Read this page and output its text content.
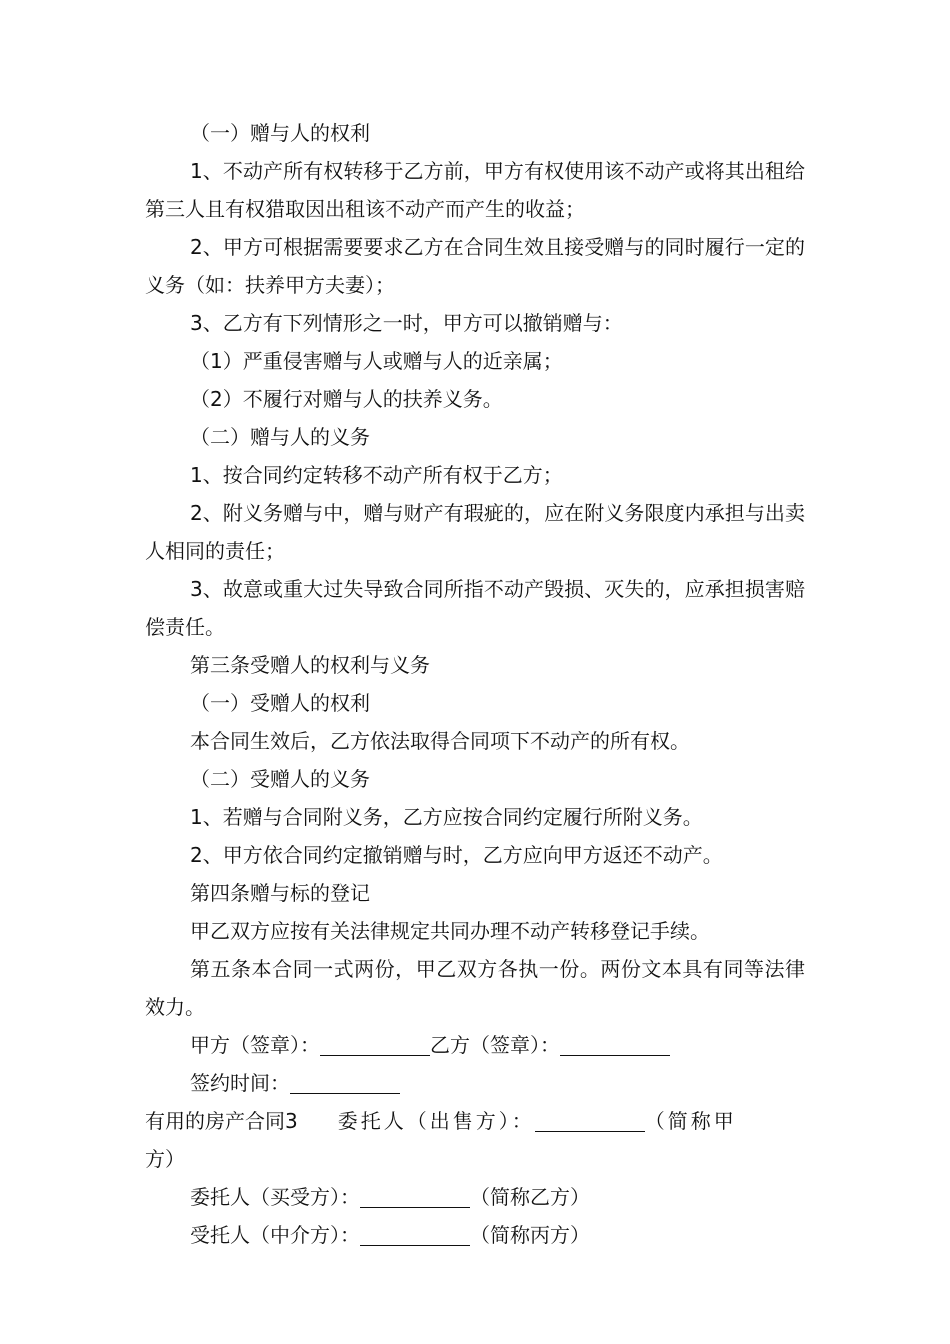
（一）赠与人的权利

1、不动产所有权转移于乙方前，甲方有权使用该不动产或将其出租给第三人且有权猎取因出租该不动产而产生的收益；

2、甲方可根据需要要求乙方在合同生效且接受赠与的同时履行一定的义务（如：扶养甲方夫妻）；

3、乙方有下列情形之一时，甲方可以撤销赠与：

（1）严重侵害赠与人或赠与人的近亲属；

（2）不履行对赠与人的扶养义务。

（二）赠与人的义务

1、按合同约定转移不动产所有权于乙方；

2、附义务赠与中，赠与财产有瑕疵的，应在附义务限度内承担与出卖人相同的责任；

3、故意或重大过失导致合同所指不动产毁损、灭失的，应承担损害赔偿责任。

第三条受赠人的权利与义务

（一）受赠人的权利

本合同生效后，乙方依法取得合同项下不动产的所有权。

（二）受赠人的义务

1、若赠与合同附义务，乙方应按合同约定履行所附义务。

2、甲方依合同约定撤销赠与时，乙方应向甲方返还不动产。

第四条赠与标的登记

甲乙双方应按有关法律规定共同办理不动产转移登记手续。

第五条本合同一式两份，甲乙双方各执一份。两份文本具有同等法律效力。

甲方（签章）：	乙方（签章）：

签约时间：

有用的房产合同3 委托人（出售方）：	（简称甲

方）

委托人（买受方）：	（简称乙方）

受托人（中介方）：	（简称丙方）
